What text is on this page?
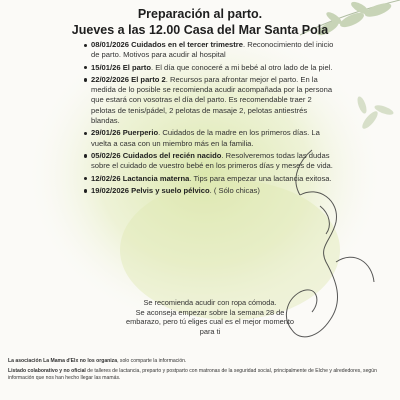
Preparación al parto.
Jueves a las 12.00 Casa del Mar Santa Pola
08/01/2026 Cuidados en el tercer trimestre. Reconocimiento del inicio de parto. Motivos para acudir al hospital
15/01/26 El parto. El día que conoceré a mi bebé al otro lado de la piel.
22/02/2026 El parto 2. Recursos para afrontar mejor el parto. En la medida de lo posible se recomienda acudir acompañada por la persona que estará con vosotras el día del parto. Es recomendable traer 2 pelotas de tenis/pádel, 2 pelotas de masaje 2, pelotas antiestrés blandas.
29/01/26 Puerperio. Cuidados de la madre en los primeros días. La vuelta a casa con un miembro más en la familia.
05/02/26 Cuidados del recién nacido. Resolveremos todas las dudas sobre el cuidado de vuestro bebé en los primeros días y meses de vida.
12/02/26 Lactancia materna. Tips para empezar una lactancia exitosa.
19/02/2026 Pelvis y suelo pélvico. ( Sólo chicas)
Se recomienda acudir con ropa cómoda.
Se aconseja empezar sobre la semana 28 de
embarazo, pero tú eliges cual es el mejor momento
para ti

La asociación La Mama d'Elx no los organiza, solo comparte la información.

Listado colaborativo y no oficial de talleres de lactancia, preparto y postparto con matronas de la seguridad social, principalmente de Elche y alrededores, según información que nos han hecho llegar las mamás.
